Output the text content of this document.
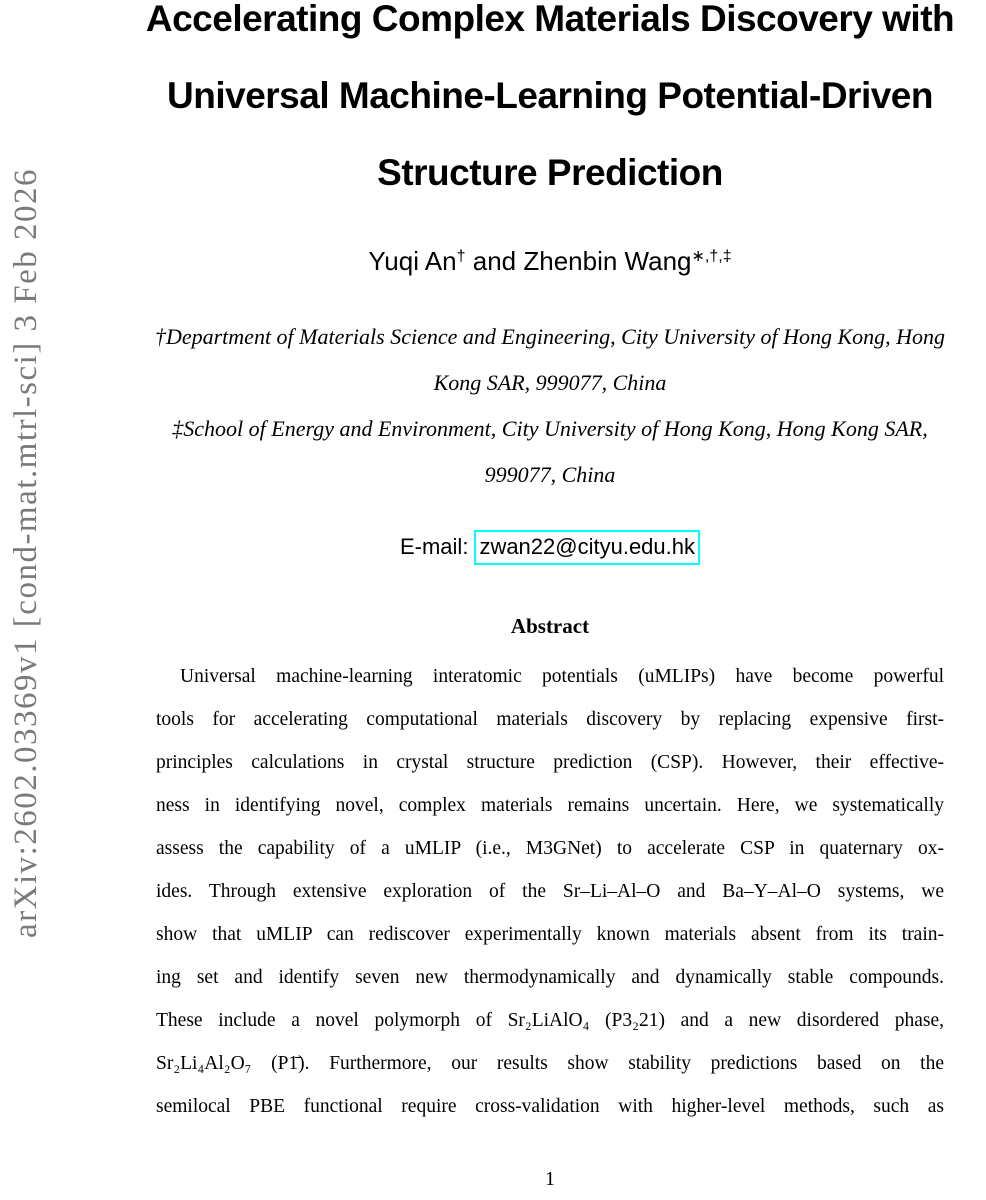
arXiv:2602.03369v1 [cond-mat.mtrl-sci] 3 Feb 2026
Accelerating Complex Materials Discovery with
Universal Machine-Learning Potential-Driven
Structure Prediction
Yuqi An† and Zhenbin Wang∗,†,‡
†Department of Materials Science and Engineering, City University of Hong Kong, Hong
Kong SAR, 999077, China
‡School of Energy and Environment, City University of Hong Kong, Hong Kong SAR,
999077, China
E-mail: zwan22@cityu.edu.hk
Abstract
Universal machine-learning interatomic potentials (uMLIPs) have become powerful
tools for accelerating computational materials discovery by replacing expensive first-
principles calculations in crystal structure prediction (CSP). However, their effective-
ness in identifying novel, complex materials remains uncertain. Here, we systematically
assess the capability of a uMLIP (i.e., M3GNet) to accelerate CSP in quaternary ox-
ides. Through extensive exploration of the Sr–Li–Al–O and Ba–Y–Al–O systems, we
show that uMLIP can rediscover experimentally known materials absent from its train-
ing set and identify seven new thermodynamically and dynamically stable compounds.
These include a novel polymorph of Sr₂LiAlO₄ (P3₂21) and a new disordered phase,
Sr₂Li₄Al₂O₇ (P1̄). Furthermore, our results show stability predictions based on the
semilocal PBE functional require cross-validation with higher-level methods, such as
1
